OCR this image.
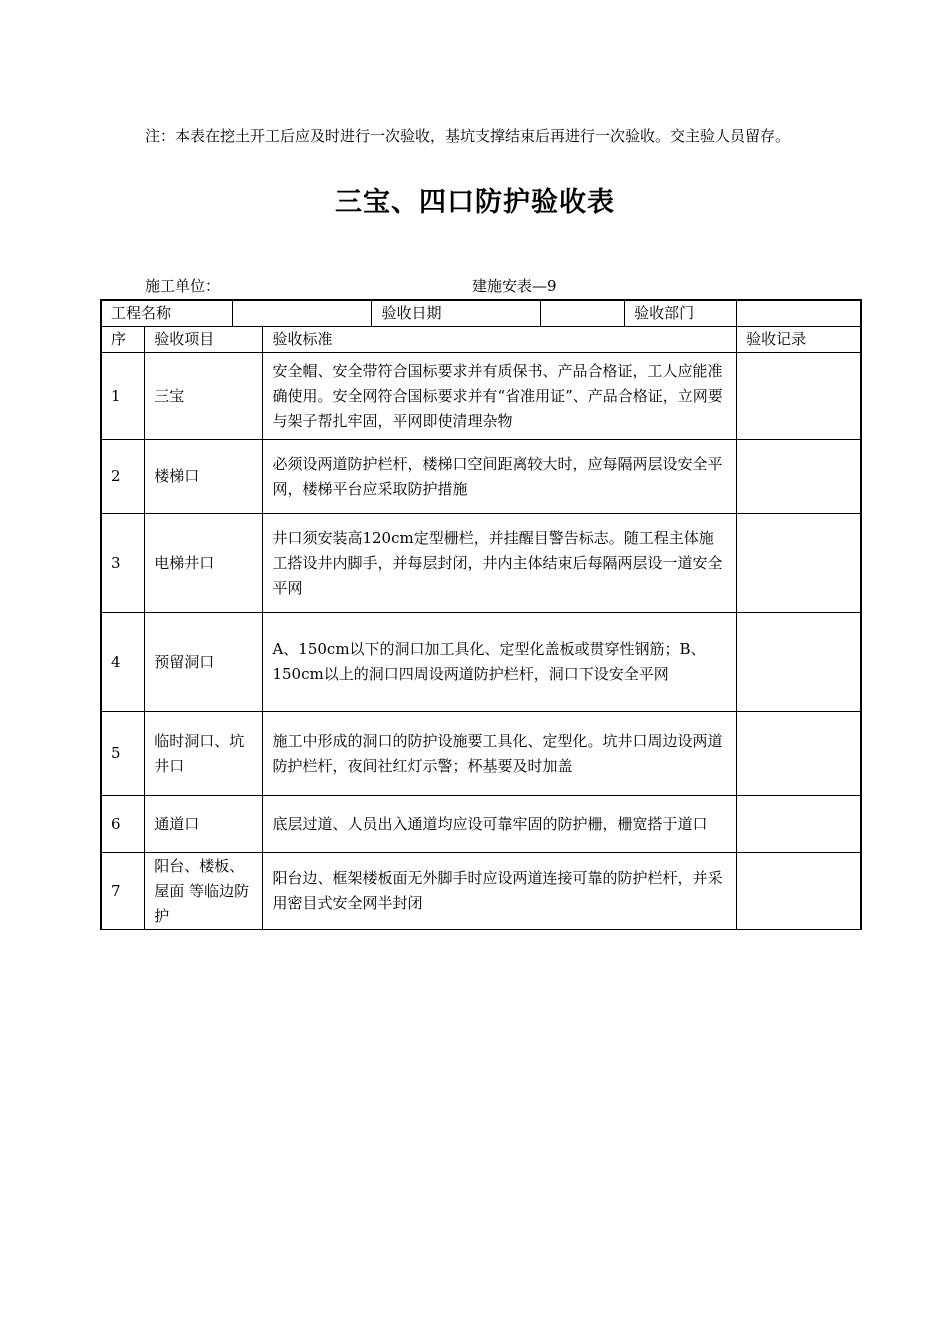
注：本表在挖土开工后应及时进行一次验收，基坑支撑结束后再进行一次验收。交主验人员留存。
三宝、四口防护验收表
施工单位：	建施安表—9
工程名称				验收日期		验收部门	
序	验收项目		验收标准				验收记录
1	三宝		安全帽、安全带符合国标要求并有质保书、产品合格证，工人应能准确使用。安全网符合国标要求并有“省准用证”、产品合格证，立网要与架子帮扎牢固，平网即使清理杂物				
2	楼梯口		必须设两道防护栏杆，楼梯口空间距离较大时，应每隔两层设安全平网，楼梯平台应采取防护措施				
3	电梯井口		井口须安装高120cm定型栅栏，并挂醒目警告标志。随工程主体施工搭设井内脚手，并每层封闭，井内主体结束后每隔两层设一道安全平网				
4	预留洞口		A、150cm以下的洞口加工具化、定型化盖板或贯穿性钢筋；B、150cm以上的洞口四周设两道防护栏杆，洞口下设安全平网				
5	临时洞口、坑井口		施工中形成的洞口的防护设施要工具化、定型化。坑井口周边设两道防护栏杆，夜间社红灯示警；杯基要及时加盖				
6	通道口		底层过道、人员出入通道均应设可靠牢固的防护栅，栅宽搭于道口				
7	阳台、楼板、屋面 等临边防护		阳台边、框架楼板面无外脚手时应设两道连接可靠的防护栏杆，并采用密目式安全网半封闭				
